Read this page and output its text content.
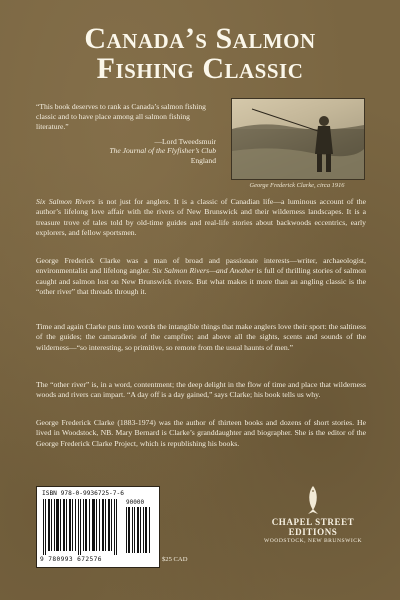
Canada’s Salmon
Fishing Classic
“This book deserves to rank as Canada’s salmon fishing classic and to have place among all salmon fishing literature.”
—Lord Tweedsmuir
The Journal of the Flyfisher’s Club
England
George Frederick Clarke, circa 1916
Six Salmon Rivers is not just for anglers. It is a classic of Canadian life—a luminous account of the author’s lifelong love affair with the rivers of New Brunswick and their wilderness landscapes. It is a treasure trove of tales told by old-time guides and real-life stories about backwoods eccentrics, early explorers, and fellow sportsmen.
George Frederick Clarke was a man of broad and passionate interests—writer, archaeologist, environmentalist and lifelong angler. Six Salmon Rivers—and Another is full of thrilling stories of salmon caught and salmon lost on New Brunswick rivers. But what makes it more than an angling classic is the “other river” that threads through it.
Time and again Clarke puts into words the intangible things that make anglers love their sport: the saltiness of the guides; the camaraderie of the campfire; and above all the sights, scents and sounds of the wilderness—“so interesting, so primitive, so remote from the usual haunts of men.”
The “other river” is, in a word, contentment; the deep delight in the flow of time and place that wilderness woods and rivers can impart. “A day off is a day gained,” says Clarke; his book tells us why.
George Frederick Clarke (1883-1974) was the author of thirteen books and dozens of short stories. He lived in Woodstock, NB. Mary Bernard is Clarke’s granddaughter and biographer. She is the editor of the George Frederick Clarke Project, which is republishing his books.
ISBN 978-0-9936725-7-6
90000
9 780993 672576	$25 CAD
CHAPEL STREET EDITIONS
WOODSTOCK, NEW BRUNSWICK
